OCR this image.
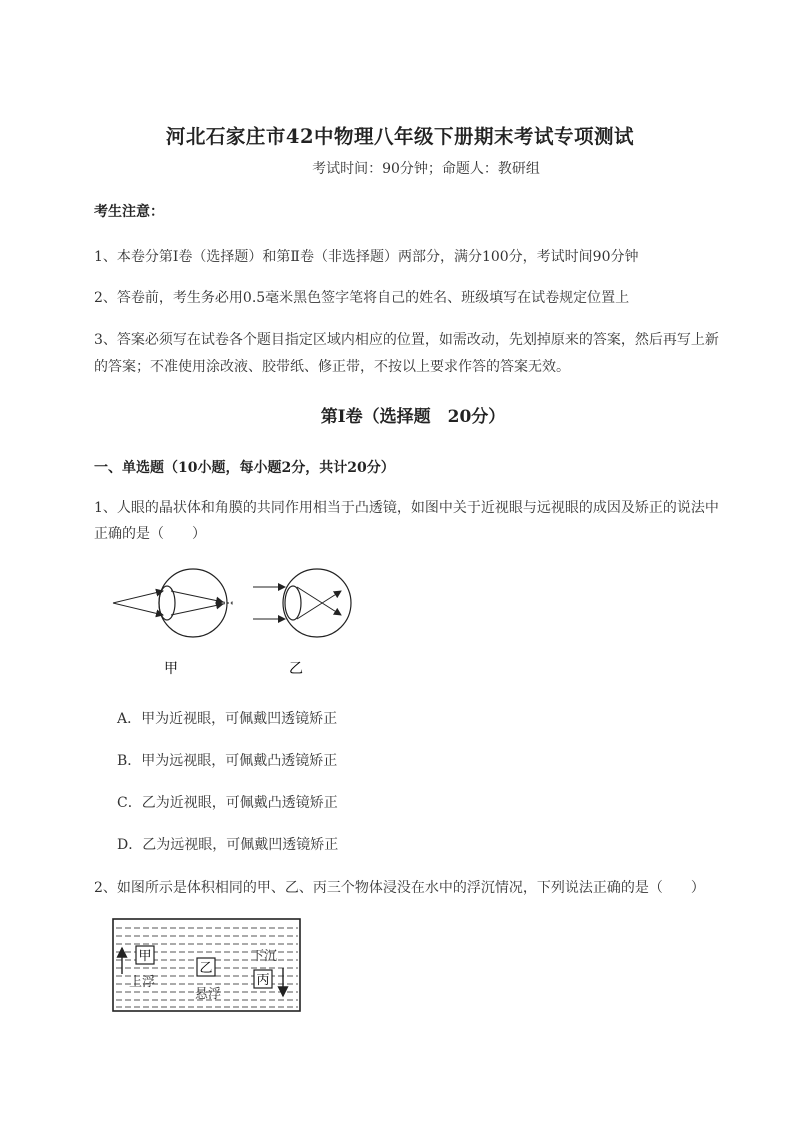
河北石家庄市42中物理八年级下册期末考试专项测试

考试时间：90分钟；命题人：教研组

考生注意：

1、本卷分第I卷（选择题）和第Ⅱ卷（非选择题）两部分，满分100分，考试时间90分钟

2、答卷前，考生务必用0.5毫米黑色签字笔将自己的姓名、班级填写在试卷规定位置上

3、答案必须写在试卷各个题目指定区域内相应的位置，如需改动，先划掉原来的答案，然后再写上新

的答案；不准使用涂改液、胶带纸、修正带，不按以上要求作答的答案无效。

第I卷（选择题　20分）

一、单选题（10小题，每小题2分，共计20分）

1、人眼的晶状体和角膜的共同作用相当于凸透镜，如图中关于近视眼与远视眼的成因及矫正的说法中

正确的是（　　）

甲	乙

A．甲为近视眼，可佩戴凹透镜矫正

B．甲为远视眼，可佩戴凸透镜矫正

C．乙为近视眼，可佩戴凸透镜矫正

D．乙为远视眼，可佩戴凹透镜矫正

2、如图所示是体积相同的甲、乙、丙三个物体浸没在水中的浮沉情况，下列说法正确的是（　　）

甲
上浮
乙
悬浮
下沉
丙
